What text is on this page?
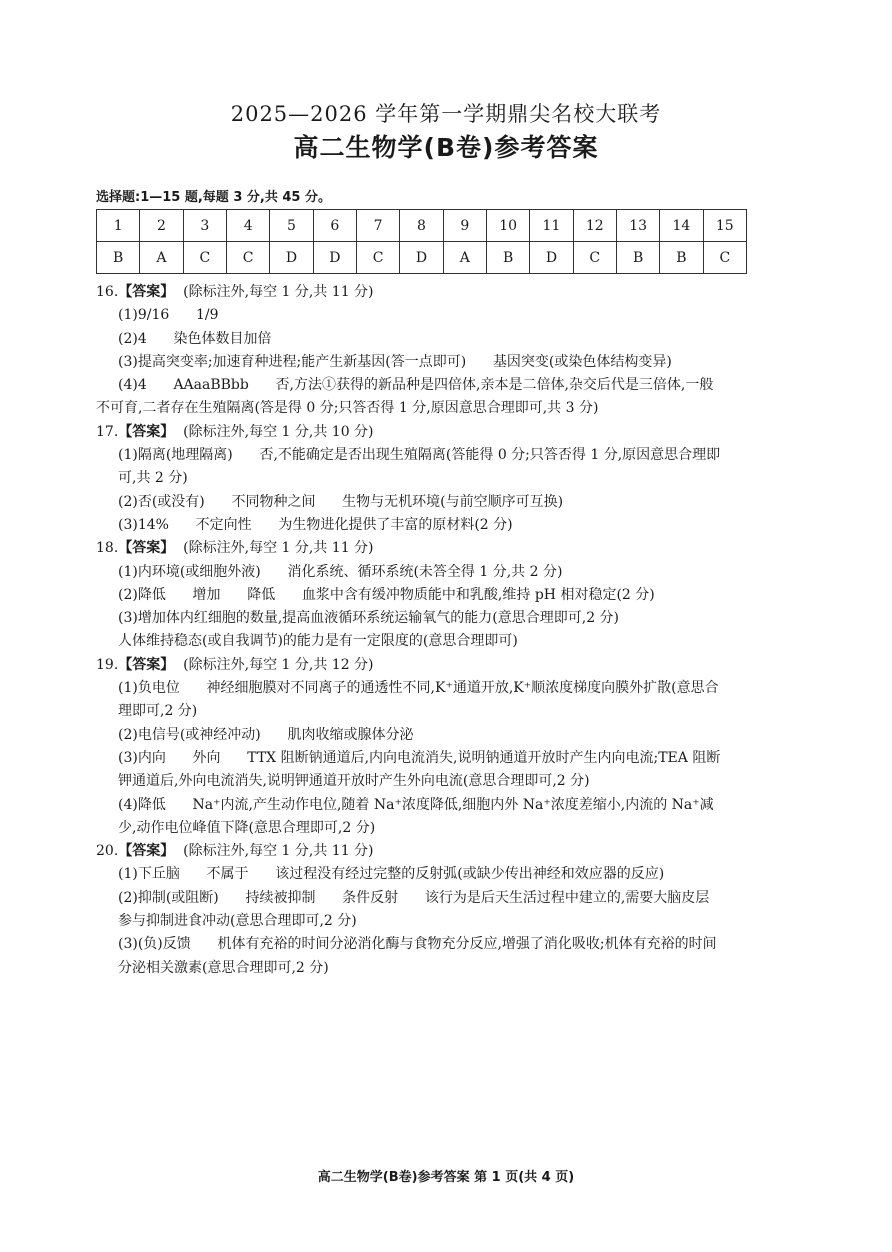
2025—2026 学年第一学期鼎尖名校大联考
高二生物学(B卷)参考答案
选择题:1—15 题,每题 3 分,共 45 分。
1	2	3	4	5	6	7	8	9	10	11	12	13	14	15
B	A	C	C	D	D	C	D	A	B	D	C	B	B	C
16.【答案】  (除标注外,每空 1 分,共 11 分)
(1)9/16      1/9
(2)4      染色体数目加倍
(3)提高突变率;加速育种进程;能产生新基因(答一点即可)      基因突变(或染色体结构变异)
(4)4      AAaaBBbb      否,方法①获得的新品种是四倍体,亲本是二倍体,杂交后代是三倍体,一般
不可育,二者存在生殖隔离(答是得 0 分;只答否得 1 分,原因意思合理即可,共 3 分)
17.【答案】  (除标注外,每空 1 分,共 10 分)
(1)隔离(地理隔离)      否,不能确定是否出现生殖隔离(答能得 0 分;只答否得 1 分,原因意思合理即
可,共 2 分)
(2)否(或没有)      不同物种之间      生物与无机环境(与前空顺序可互换)
(3)14%      不定向性      为生物进化提供了丰富的原材料(2 分)
18.【答案】  (除标注外,每空 1 分,共 11 分)
(1)内环境(或细胞外液)      消化系统、循环系统(未答全得 1 分,共 2 分)
(2)降低      增加      降低      血浆中含有缓冲物质能中和乳酸,维持 pH 相对稳定(2 分)
(3)增加体内红细胞的数量,提高血液循环系统运输氧气的能力(意思合理即可,2 分)
人体维持稳态(或自我调节)的能力是有一定限度的(意思合理即可)
19.【答案】  (除标注外,每空 1 分,共 12 分)
(1)负电位      神经细胞膜对不同离子的通透性不同,K⁺通道开放,K⁺顺浓度梯度向膜外扩散(意思合
理即可,2 分)
(2)电信号(或神经冲动)      肌肉收缩或腺体分泌
(3)内向      外向      TTX 阻断钠通道后,内向电流消失,说明钠通道开放时产生内向电流;TEA 阻断
钾通道后,外向电流消失,说明钾通道开放时产生外向电流(意思合理即可,2 分)
(4)降低      Na⁺内流,产生动作电位,随着 Na⁺浓度降低,细胞内外 Na⁺浓度差缩小,内流的 Na⁺减
少,动作电位峰值下降(意思合理即可,2 分)
20.【答案】  (除标注外,每空 1 分,共 11 分)
(1)下丘脑      不属于      该过程没有经过完整的反射弧(或缺少传出神经和效应器的反应)
(2)抑制(或阻断)      持续被抑制      条件反射      该行为是后天生活过程中建立的,需要大脑皮层
参与抑制进食冲动(意思合理即可,2 分)
(3)(负)反馈      机体有充裕的时间分泌消化酶与食物充分反应,增强了消化吸收;机体有充裕的时间
分泌相关激素(意思合理即可,2 分)
高二生物学(B卷)参考答案 第 1 页(共 4 页)
